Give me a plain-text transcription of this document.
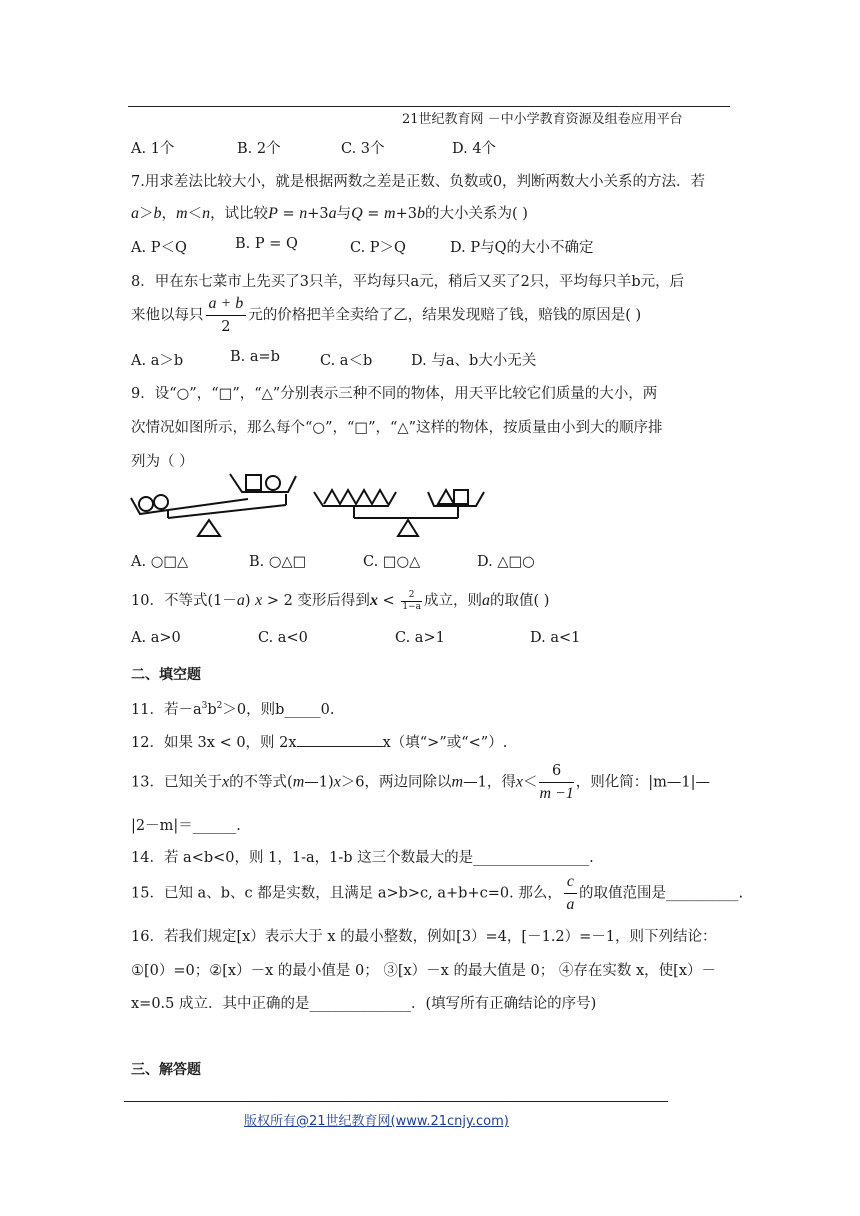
21世纪教育网 －中小学教育资源及组卷应用平台
A. 1个	B. 2个	C. 3个	D. 4个
7.用求差法比较大小，就是根据两数之差是正数、负数或0，判断两数大小关系的方法．若
a＞b，m＜n，试比较P = n+3a与Q = m+3b的大小关系为( )
A. P＜Q	B. P = Q	C. P＞Q	D. P与Q的大小不确定
8．甲在东七菜市上先买了3只羊，平均每只a元，稍后又买了2只，平均每只羊b元，后
来他以每只 $\frac{a + b}{2}$ 元的价格把羊全卖给了乙，结果发现赔了钱，赔钱的原因是( )
A. a＞b	B. a=b	C. a＜b	D. 与a、b大小无关
9．设“○”，“□”，“△”分别表示三种不同的物体，用天平比较它们质量的大小，两
次情况如图所示，那么每个“○”，“□”，“△”这样的物体，按质量由小到大的顺序排
列为（ ）
A. ○□△	B. ○△□	C. □○△	D. △□○
10．不等式(1－a) x > 2 变形后得到$x < \frac{2}{1-a}$ 成立，则a的取值( )
A. a>0	C. a<0	C. a>1	D. a<1
二、填空题
11．若$-a^3b^2>0$，则b_____0.
12．如果 3x < 0，则 2x	x（填“>”或“<”）.
13．已知关于x的不等式(m—1)x＞6，两边同除以m—1，得$x< \frac{6}{m -1}$ ，则化简：|m—1|—
|2－m|＝______.
14．若 a<b<0，则 1，1-a，1-b 这三个数最大的是________________.
15．已知 a、b、c 都是实数，且满足 a>b>c, a+b+c=0. 那么， $\frac{c}{a}$ 的取值范围是__________.
16．若我们规定[x）表示大于 x 的最小整数，例如[3）=4，[－1.2）=－1，则下列结论：
①[0）=0；②[x）－x 的最小值是 0； ③[x）－x 的最大值是 0； ④存在实数 x，使[x）－
x=0.5 成立．其中正确的是______________．(填写所有正确结论的序号)
三、解答题
版权所有@21世纪教育网(www.21cnjy.com)
